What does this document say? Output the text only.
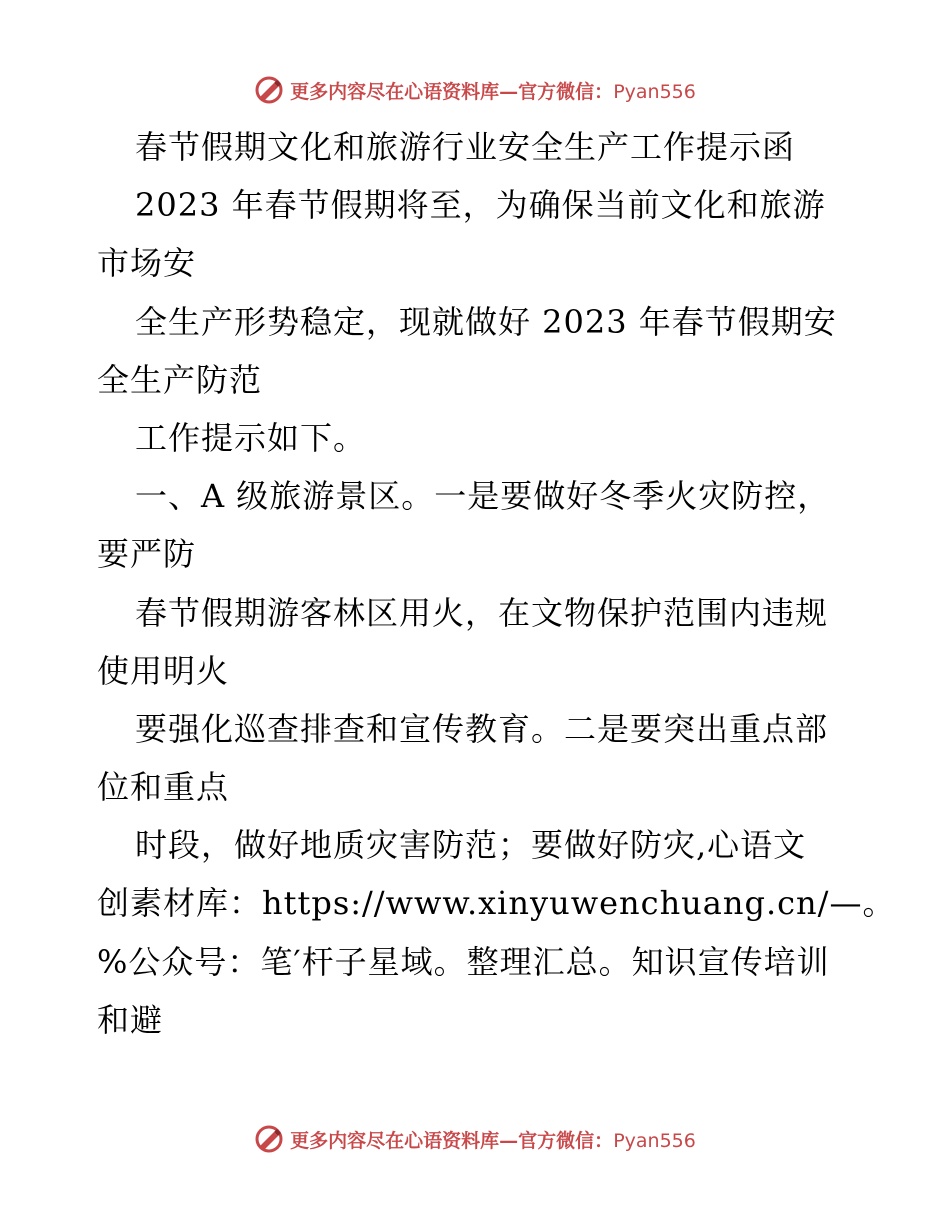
更多内容尽在心语资料库—官方微信：Pyan556
春节假期文化和旅游行业安全生产工作提示函
2023 年春节假期将至，为确保当前文化和旅游
市场安
全生产形势稳定，现就做好 2023 年春节假期安
全生产防范
工作提示如下。
一、A 级旅游景区。一是要做好冬季火灾防控，
要严防
春节假期游客林区用火，在文物保护范围内违规
使用明火
要强化巡查排查和宣传教育。二是要突出重点部
位和重点
时段，做好地质灾害防范；要做好防灾,心语文
创素材库：https://www.xinyuwenchuang.cn/—。
%公众号：笔′杆子星域。整理汇总。知识宣传培训
和避
更多内容尽在心语资料库—官方微信：Pyan556
